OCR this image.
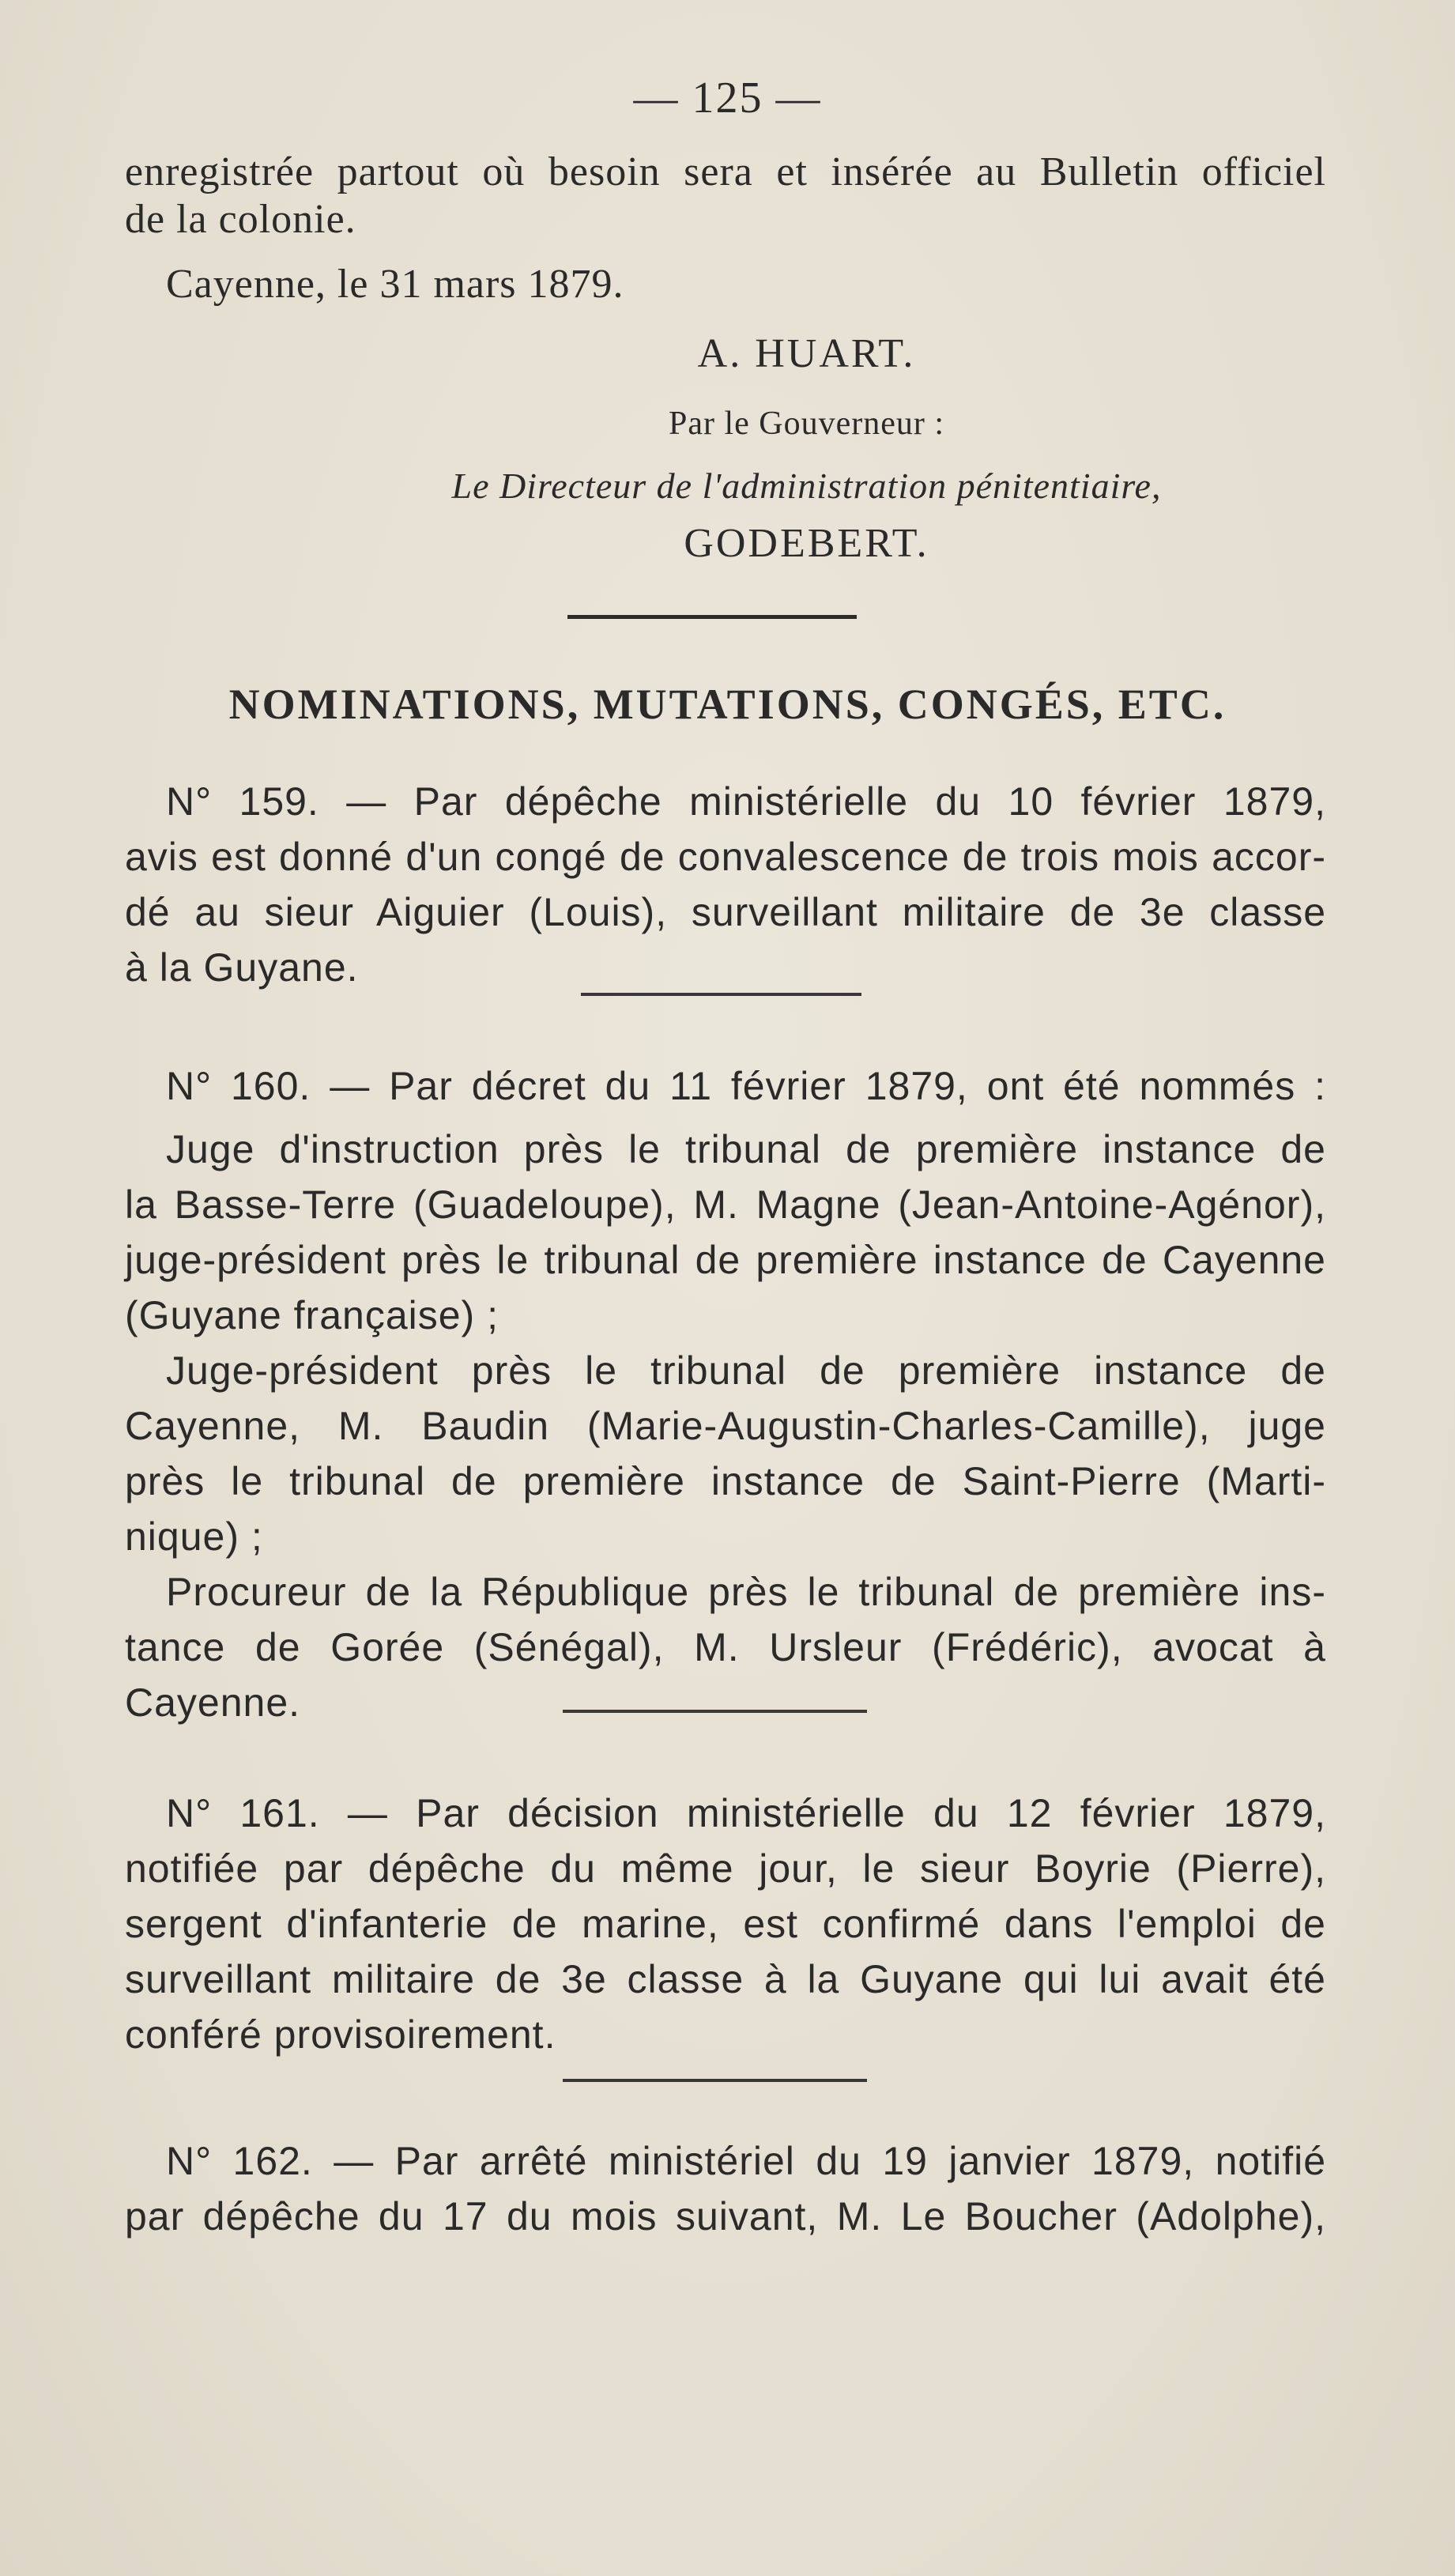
— 125 —
enregistrée partout où besoin sera et insérée au Bulletin officiel
de la colonie.
Cayenne, le 31 mars 1879.
A. HUART.
Par le Gouverneur :
Le Directeur de l'administration pénitentiaire,
GODEBERT.
NOMINATIONS, MUTATIONS, CONGÉS, ETC.
N° 159. — Par dépêche ministérielle du 10 février 1879,
avis est donné d'un congé de convalescence de trois mois accor-
dé au sieur Aiguier (Louis), surveillant militaire de 3e classe
à la Guyane.
N° 160. — Par décret du 11 février 1879, ont été nommés :
Juge d'instruction près le tribunal de première instance de
la Basse-Terre (Guadeloupe), M. Magne (Jean-Antoine-Agénor),
juge-président près le tribunal de première instance de Cayenne
(Guyane française) ;
Juge-président près le tribunal de première instance de
Cayenne, M. Baudin (Marie-Augustin-Charles-Camille), juge
près le tribunal de première instance de Saint-Pierre (Marti-
nique) ;
Procureur de la République près le tribunal de première ins-
tance de Gorée (Sénégal), M. Ursleur (Frédéric), avocat à
Cayenne.
N° 161. — Par décision ministérielle du 12 février 1879,
notifiée par dépêche du même jour, le sieur Boyrie (Pierre),
sergent d'infanterie de marine, est confirmé dans l'emploi de
surveillant militaire de 3e classe à la Guyane qui lui avait été
conféré provisoirement.
N° 162. — Par arrêté ministériel du 19 janvier 1879, notifié
par dépêche du 17 du mois suivant, M. Le Boucher (Adolphe),
